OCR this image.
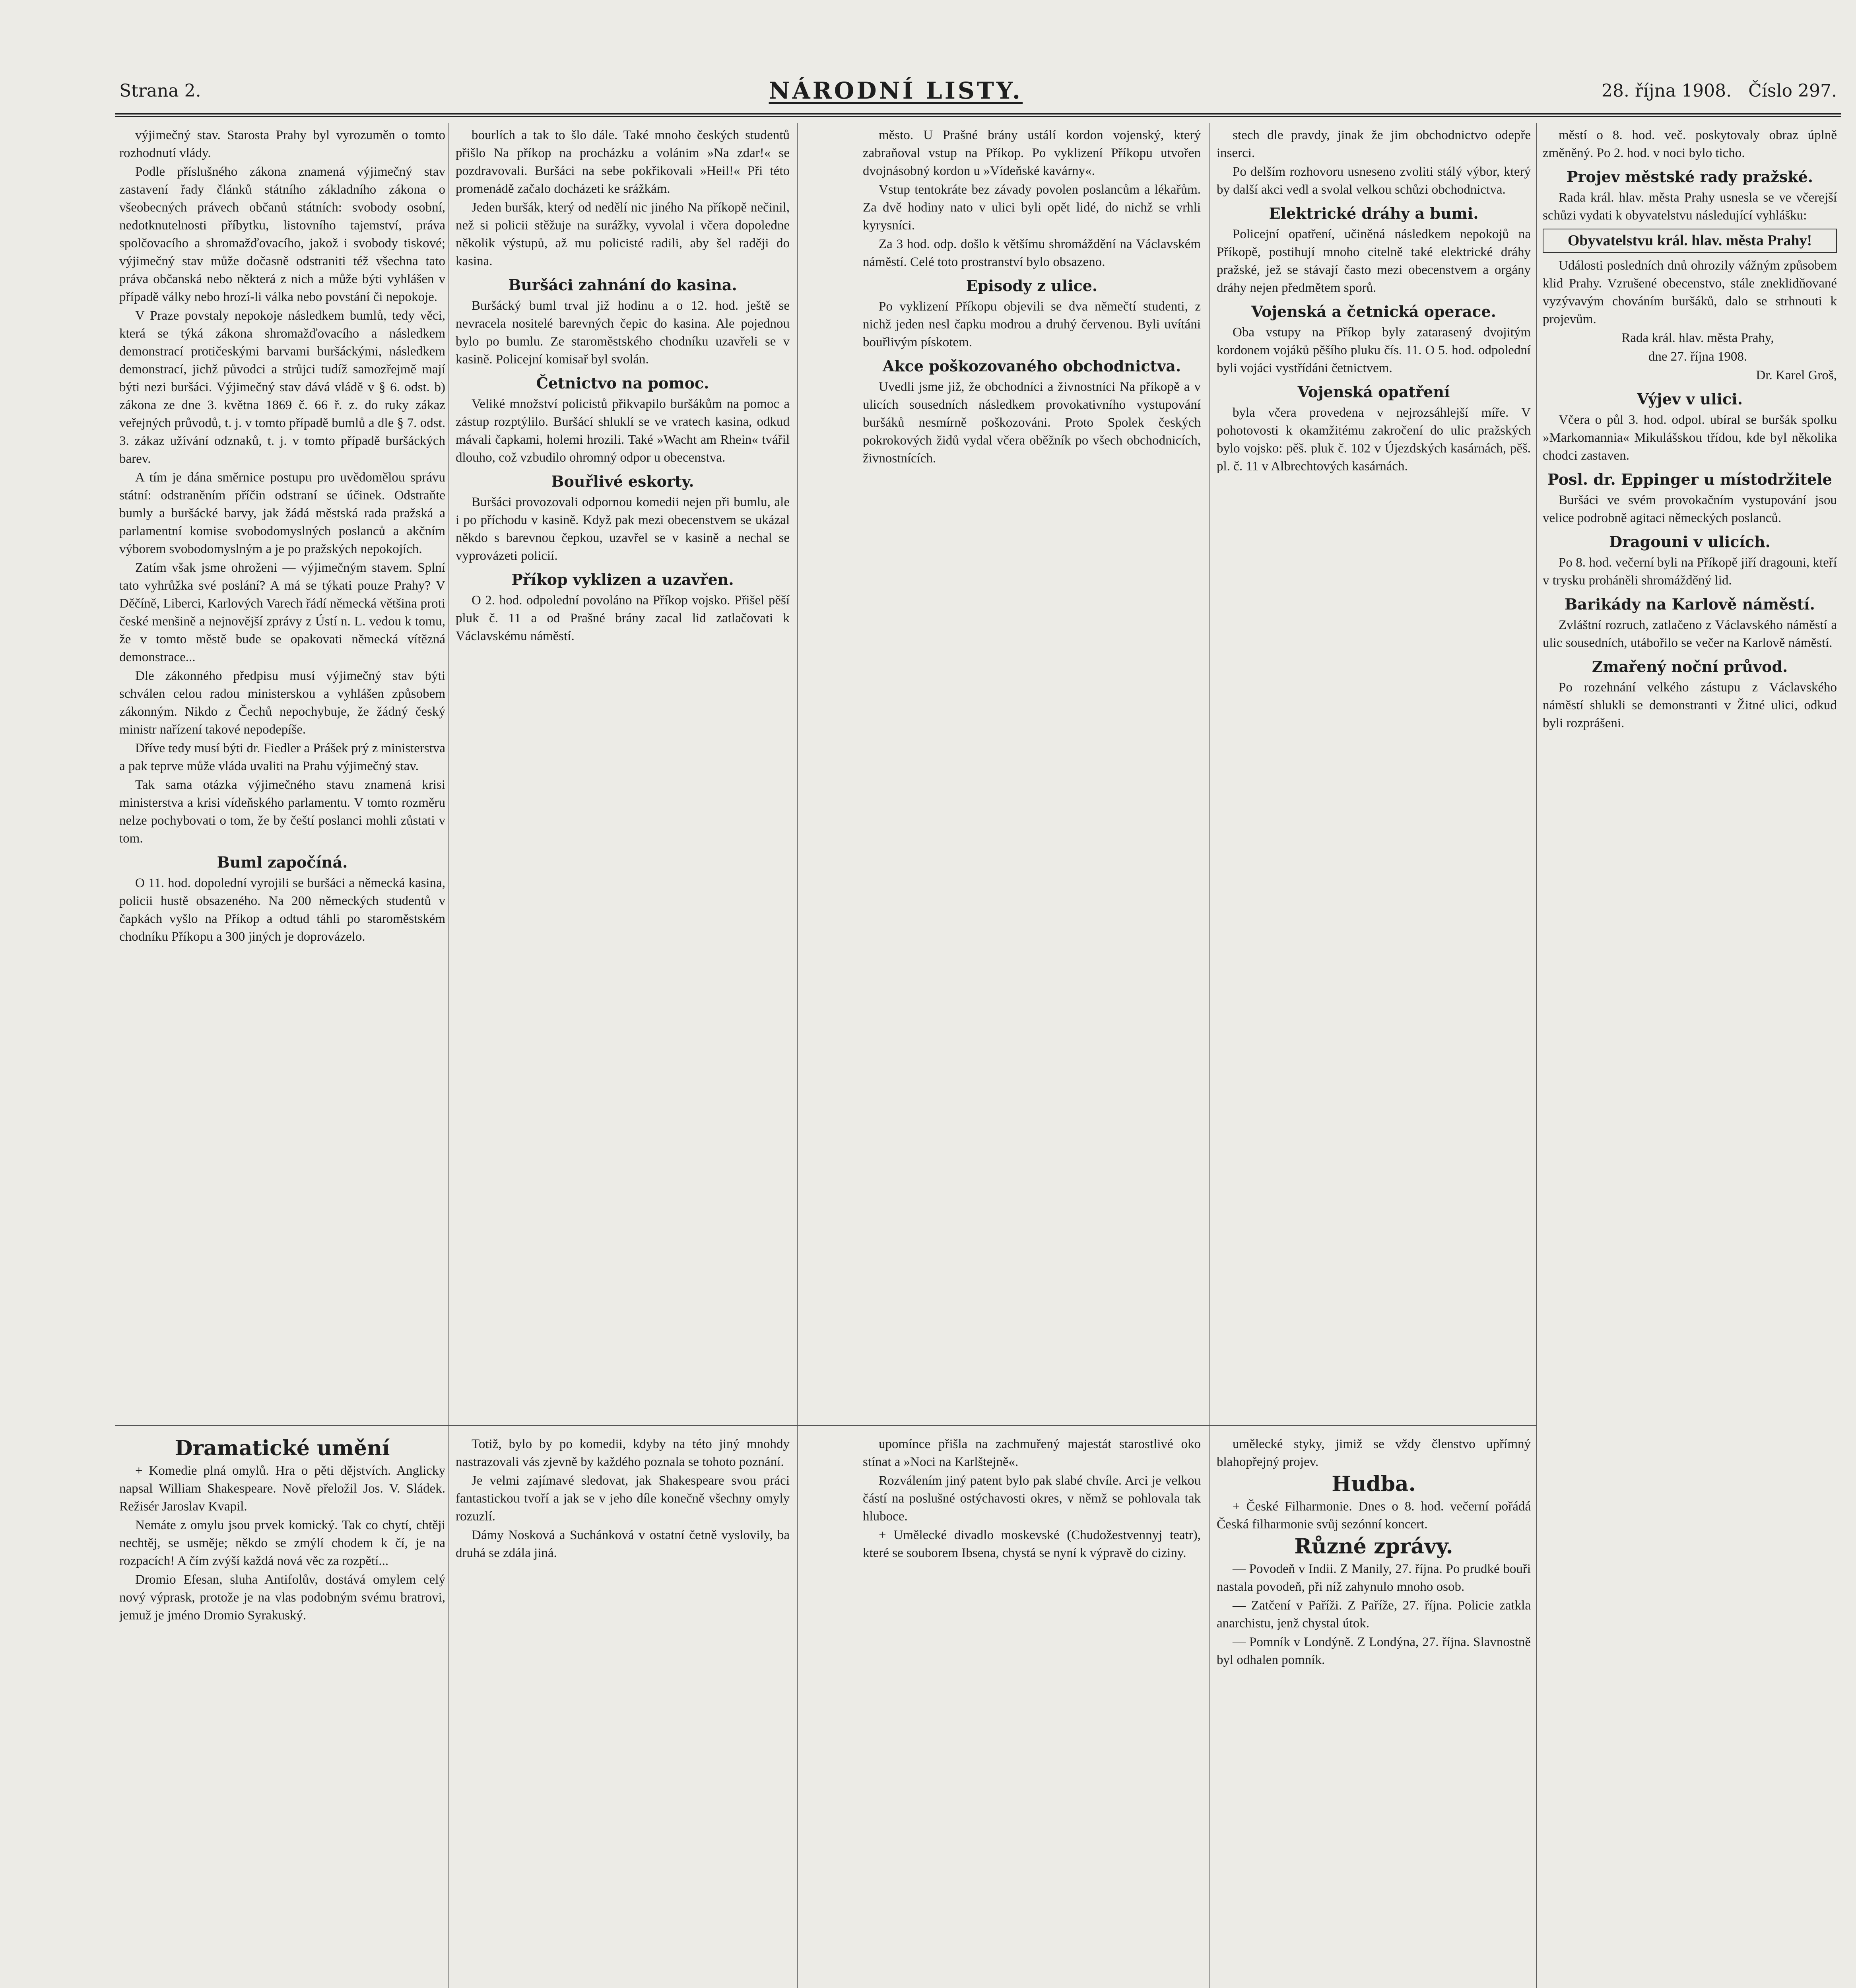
Strana 2.	NÁRODNÍ LISTY.	28. října 1908. Číslo 297.

výjimečný stav. Starosta Prahy byl vyrozuměn o tomto rozhodnutí vlády.

Podle příslušného zákona znamená výjimečný stav zastavení řady článků státního základního zákona o všeobecných právech občanů státních: svobody osobní, nedotknutelnosti příbytku, listovního tajemství, práva spolčovacího a shromažďovacího, jakož i svobody tiskové; výjimečný stav může dočasně odstraniti též všechna tato práva občanská nebo některá z nich a může býti vyhlášen v případě války nebo hrozí-li válka nebo povstání či nepokoje.

V Praze povstaly nepokoje následkem bumlů, tedy věci, která se týká zákona shromažďovacího a následkem demonstrací protičeskými barvami buršáckými, následkem demonstrací, jichž původci a strůjci tudíž samozřejmě mají býti nezi buršáci. Výjimečný stav dává vládě v § 6. odst. b) zákona ze dne 3. května 1869 č. 66 ř. z. do ruky zákaz veřejných průvodů, t. j. v tomto případě bumlů a dle § 7. odst. 3. zákaz užívání odznaků, t. j. v tomto případě buršáckých barev.

A tím je dána směrnice postupu pro uvědomělou správu státní: odstraněním příčin odstraní se účinek. Odstraňte bumly a buršácké barvy, jak žádá městská rada pražská a parlamentní komise svobodomyslných poslanců a akčním výborem svobodomyslným a je po pražských nepokojích.

Zatím však jsme ohroženi — výjimečným stavem. Splní tato vyhrůžka své poslání? A má se týkati pouze Prahy? V Děčíně, Liberci, Karlových Varech řádí německá většina proti české menšině a nejnovější zprávy z Ústí n. L. vedou k tomu, že v tomto městě bude se opakovati německá vítězná demonstrace...

Dle zákonného předpisu musí výjimečný stav býti schválen celou radou ministerskou a vyhlášen způsobem zákonným. Nikdo z Čechů nepochybuje, že žádný český ministr nařízení takové nepodepíše.

Dříve tedy musí býti dr. Fiedler a Prášek prý z ministerstva a pak teprve může vláda uvaliti na Prahu výjimečný stav.

Tak sama otázka výjimečného stavu znamená krisi ministerstva a krisi vídeňského parlamentu. V tomto rozměru nelze pochybovati o tom, že by čeští poslanci mohli zůstati v tom.

Buml započíná.

O 11. hod. dopolední vyrojili se buršáci a německá kasina, policii hustě obsazeného. Na 200 německých studentů v čapkách vyšlo na Příkop a odtud táhli po staroměstském chodníku Příkopu a 300 jiných je doprovázelo.

bourlích a tak to šlo dále. Také mnoho českých studentů přišlo Na příkop na procházku a volánim »Na zdar!« se pozdravovali. Buršáci na sebe pokřikovali »Heil!« Při této promenádě začalo docházeti ke srážkám.

Jeden buršák, který od nedělí nic jiného Na příkopě nečinil, než si policii stěžuje na surážky, vyvolal i včera dopoledne několik výstupů, až mu policisté radili, aby šel raději do kasina.

Buršáci zahnání do kasina.

Buršácký buml trval již hodinu a o 12. hod. ještě se nevracela nositelé barevných čepic do kasina. Ale pojednou bylo po bumlu. Ze staroměstského chodníku uzavřeli se v kasině. Policejní komisař byl svolán.

Četnictvo na pomoc.

Veliké množství policistů přikvapilo buršákům na pomoc a zástup rozptýlilo. Buršácí shluklí se ve vratech kasina, odkud mávali čapkami, holemi hrozili. Také »Wacht am Rhein« tvářil dlouho, což vzbudilo ohromný odpor u obecenstva.

Bouřlivé eskorty.

Buršáci provozovali odpornou komedii nejen při bumlu, ale i po příchodu v kasině. Když pak mezi obecenstvem se ukázal někdo s barevnou čepkou, uzavřel se v kasině a nechal se vyprovázeti policií.

Příkop vyklizen a uzavřen.

O 2. hod. odpolední povoláno na Příkop vojsko. Přišel pěší pluk č. 11 a od Prašné brány zacal lid zatlačovati k Václavskému náměstí.

město. U Prašné brány ustálí kordon vojenský, který zabraňoval vstup na Příkop. Po vyklizení Příkopu utvořen dvojnásobný kordon u »Vídeňské kavárny«.

Vstup tentokráte bez závady povolen poslancům a lékařům. Za dvě hodiny nato v ulici byli opět lidé, do nichž se vrhli kyrysníci.

Za 3 hod. odp. došlo k většímu shromáždění na Václavském náměstí. Celé toto prostranství bylo obsazeno.

Episody z ulice.

Po vyklizení Příkopu objevili se dva němečtí studenti, z nichž jeden nesl čapku modrou a druhý červenou. Byli uvítáni bouřlivým pískotem.

Akce poškozovaného obchodnictva.

Uvedli jsme již, že obchodníci a živnostníci Na příkopě a v ulicích sousedních následkem provokativního vystupování buršáků nesmírně poškozováni. Proto Spolek českých pokrokových židů vydal včera oběžník po všech obchodnicích, živnostnících.

stech dle pravdy, jinak že jim obchodnictvo odepře inserci.

Po delším rozhovoru usneseno zvoliti stálý výbor, který by další akci vedl a svolal velkou schůzi obchodnictva.

Elektrické dráhy a bumi.

Policejní opatření, učiněná následkem nepokojů na Příkopě, postihují mnoho citelně také elektrické dráhy pražské, jež se stávají často mezi obecenstvem a orgány dráhy nejen předmětem sporů.

Vojenská a četnická operace.

Oba vstupy na Příkop byly zatarasený dvojitým kordonem vojáků pěšího pluku čís. 11. O 5. hod. odpolední byli vojáci vystřídáni četnictvem.

Vojenská opatření

byla včera provedena v nejrozsáhlejší míře. V pohotovosti k okamžitému zakročení do ulic pražských bylo vojsko: pěš. pluk č. 102 v Újezdských kasárnách, pěš. pl. č. 11 v Albrechtových kasárnách.

městí o 8. hod. več. poskytovaly obraz úplně změněný. Po 2. hod. v noci bylo ticho.

Projev městské rady pražské.

Rada král. hlav. města Prahy usnesla se ve včerejší schůzi vydati k obyvatelstvu následující vyhlášku:

Obyvatelstvu král. hlav. města Prahy!

Události posledních dnů ohrozily vážným způsobem klid Prahy. Vzrušené obecenstvo, stále zneklidňované vyzývavým chováním buršáků, dalo se strhnouti k projevům.

Rada král. hlav. města Prahy,

dne 27. října 1908.

Dr. Karel Groš,

Výjev v ulici.

Včera o půl 3. hod. odpol. ubíral se buršák spolku »Markomannia« Mikulášskou třídou, kde byl několika chodci zastaven.

Posl. dr. Eppinger u místodržitele

Buršáci ve svém provokačním vystupování jsou velice podrobně agitaci německých poslanců.

Dragouni v ulicích.

Po 8. hod. večerní byli na Příkopě jiří dragouni, kteří v trysku proháněli shromážděný lid.

Barikády na Karlově náměstí.

Zvláštní rozruch, zatlačeno z Václavského náměstí a ulic sousedních, utábořilo se večer na Karlově náměstí.

Zmařený noční průvod.

Po rozehnání velkého zástupu z Václavského náměstí shlukli se demonstranti v Žitné ulici, odkud byli rozprášeni.

Dramatické umění

+ Komedie plná omylů. Hra o pěti dějstvích. Anglicky napsal William Shakespeare. Nově přeložil Jos. V. Sládek. Režisér Jaroslav Kvapil.

Nemáte z omylu jsou prvek komický. Tak co chytí, chtěji nechtěj, se usměje; někdo se zmýlí chodem k čí, je na rozpacích! A čím zvýší každá nová věc za rozpětí...

Dromio Efesan, sluha Antifolův, dostává omylem celý nový výprask, protože je na vlas podobným svému bratrovi, jemuž je jméno Dromio Syrakuský.

Totiž, bylo by po komedii, kdyby na této jiný mnohdy nastrazovali vás zjevně by každého poznala se tohoto poznání.

Je velmi zajímavé sledovat, jak Shakespeare svou práci fantastickou tvoří a jak se v jeho díle konečně všechny omyly rozuzlí.

Dámy Nosková a Suchánková v ostatní četně vyslovily, ba druhá se zdála jiná.

upomínce přišla na zachmuřený majestát starostlivé oko stínat a »Noci na Karlštejně«.

Rozválením jiný patent bylo pak slabé chvíle. Arci je velkou částí na poslušné ostýchavosti okres, v němž se pohlovala tak hluboce.

+ Umělecké divadlo moskevské (Chudožestvennyj teatr), které se souborem Ibsena, chystá se nyní k výpravě do ciziny.

umělecké styky, jimiž se vždy členstvo upřímný blahopřejný projev.

Hudba.

+ České Filharmonie. Dnes o 8. hod. večerní pořádá Česká filharmonie svůj sezónní koncert.

Různé zprávy.

— Povodeň v Indii. Z Manily, 27. října. Po prudké bouři nastala povodeň, při níž zahynulo mnoho osob.

— Zatčení v Paříži. Z Paříže, 27. října. Policie zatkla anarchistu, jenž chystal útok.

— Pomník v Londýně. Z Londýna, 27. října. Slavnostně byl odhalen pomník.
